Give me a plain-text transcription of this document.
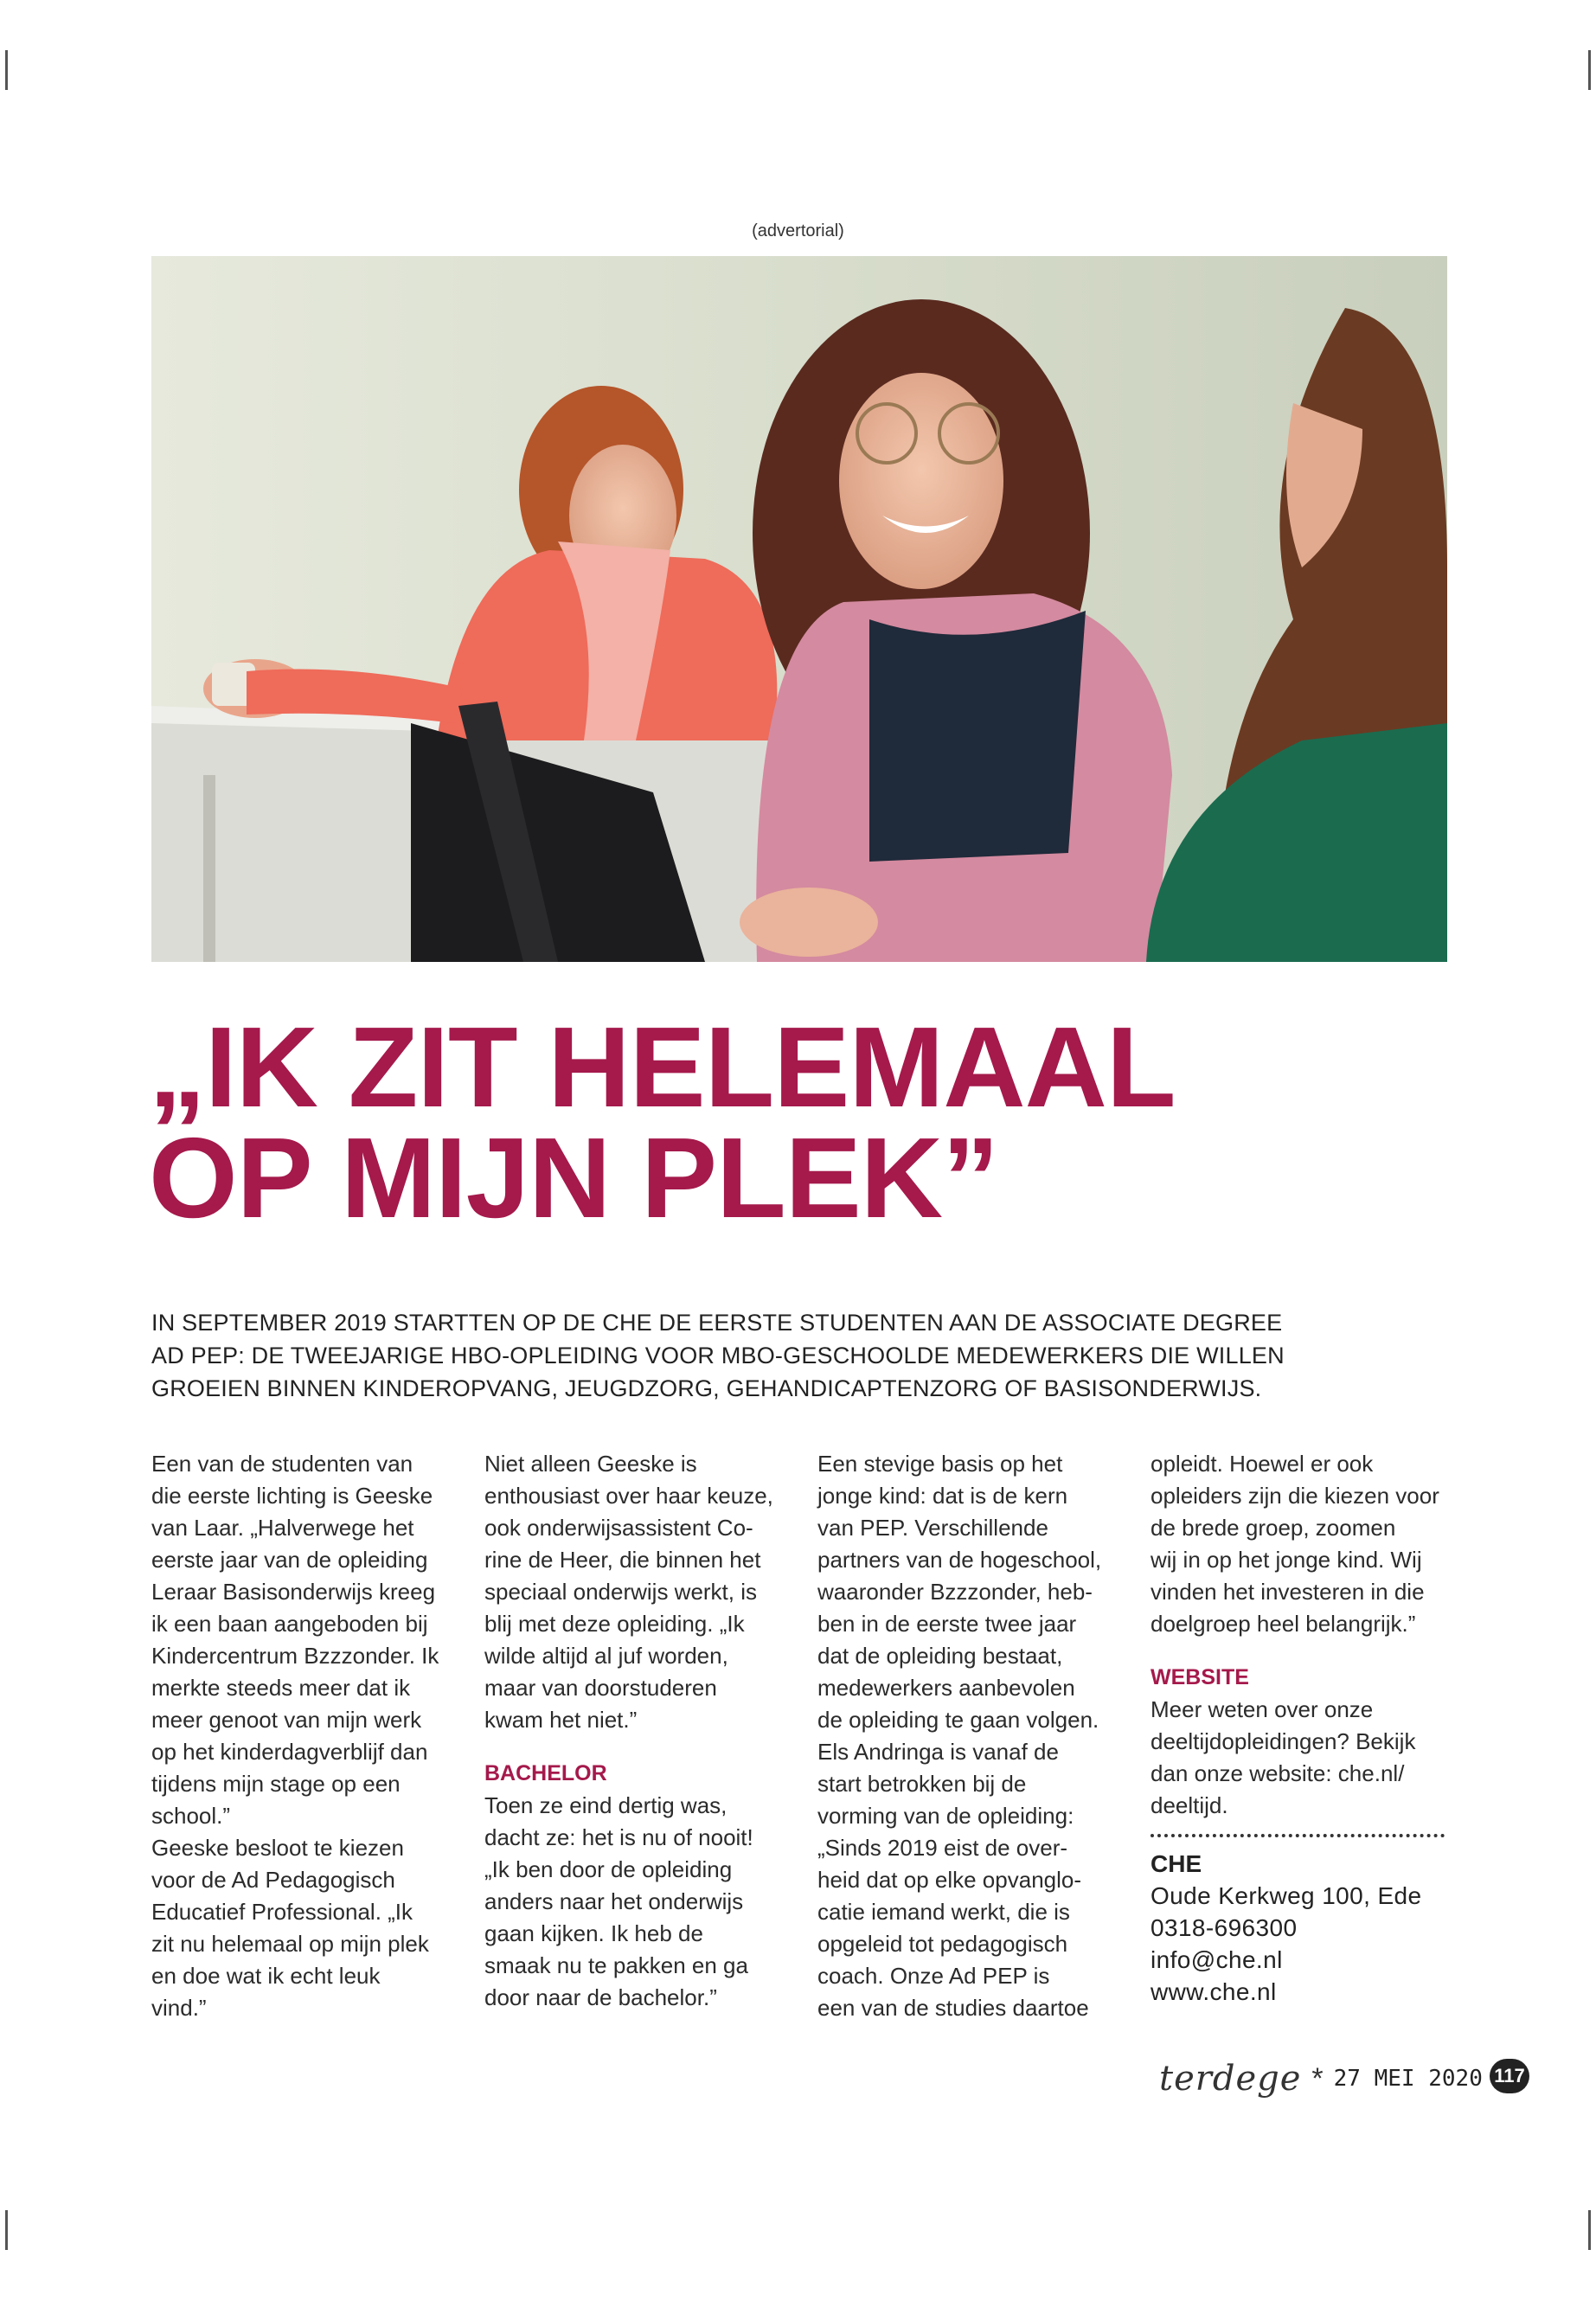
(advertorial)
„IK ZIT HELEMAAL
OP MIJN PLEK”
IN SEPTEMBER 2019 STARTTEN OP DE CHE DE EERSTE STUDENTEN AAN DE ASSOCIATE DEGREE
AD PEP: DE TWEEJARIGE HBO-OPLEIDING VOOR MBO-GESCHOOLDE MEDEWERKERS DIE WILLEN
GROEIEN BINNEN KINDEROPVANG, JEUGDZORG, GEHANDICAPTENZORG OF BASISONDERWIJS.
Een van de studenten van
die eerste lichting is Geeske
van Laar. „Halverwege het
eerste jaar van de opleiding
Leraar Basisonderwijs kreeg
ik een baan aangeboden bij
Kindercentrum Bzzzonder. Ik
merkte steeds meer dat ik
meer genoot van mijn werk
op het kinderdagverblijf dan
tijdens mijn stage op een
school.”
Geeske besloot te kiezen
voor de Ad Pedagogisch
Educatief Professional. „Ik
zit nu helemaal op mijn plek
en doe wat ik echt leuk
vind.”
Niet alleen Geeske is
enthousiast over haar keuze,
ook onderwijsassistent Co-
rine de Heer, die binnen het
speciaal onderwijs werkt, is
blij met deze opleiding. „Ik
wilde altijd al juf worden,
maar van doorstuderen
kwam het niet.”
BACHELOR
Toen ze eind dertig was,
dacht ze: het is nu of nooit!
„Ik ben door de opleiding
anders naar het onderwijs
gaan kijken. Ik heb de
smaak nu te pakken en ga
door naar de bachelor.”
Een stevige basis op het
jonge kind: dat is de kern
van PEP. Verschillende
partners van de hogeschool,
waaronder Bzzzonder, heb-
ben in de eerste twee jaar
dat de opleiding bestaat,
medewerkers aanbevolen
de opleiding te gaan volgen.
Els Andringa is vanaf de
start betrokken bij de
vorming van de opleiding:
„Sinds 2019 eist de over-
heid dat op elke opvanglo-
catie iemand werkt, die is
opgeleid tot pedagogisch
coach. Onze Ad PEP is
een van de studies daartoe
opleidt. Hoewel er ook
opleiders zijn die kiezen voor
de brede groep, zoomen
wij in op het jonge kind. Wij
vinden het investeren in die
doelgroep heel belangrijk.”
WEBSITE
Meer weten over onze
deeltijdopleidingen? Bekijk
dan onze website: che.nl/
deeltijd.
CHE
Oude Kerkweg 100, Ede
0318-696300
info@che.nl
www.che.nl
terdege * 27 MEI 2020 117
